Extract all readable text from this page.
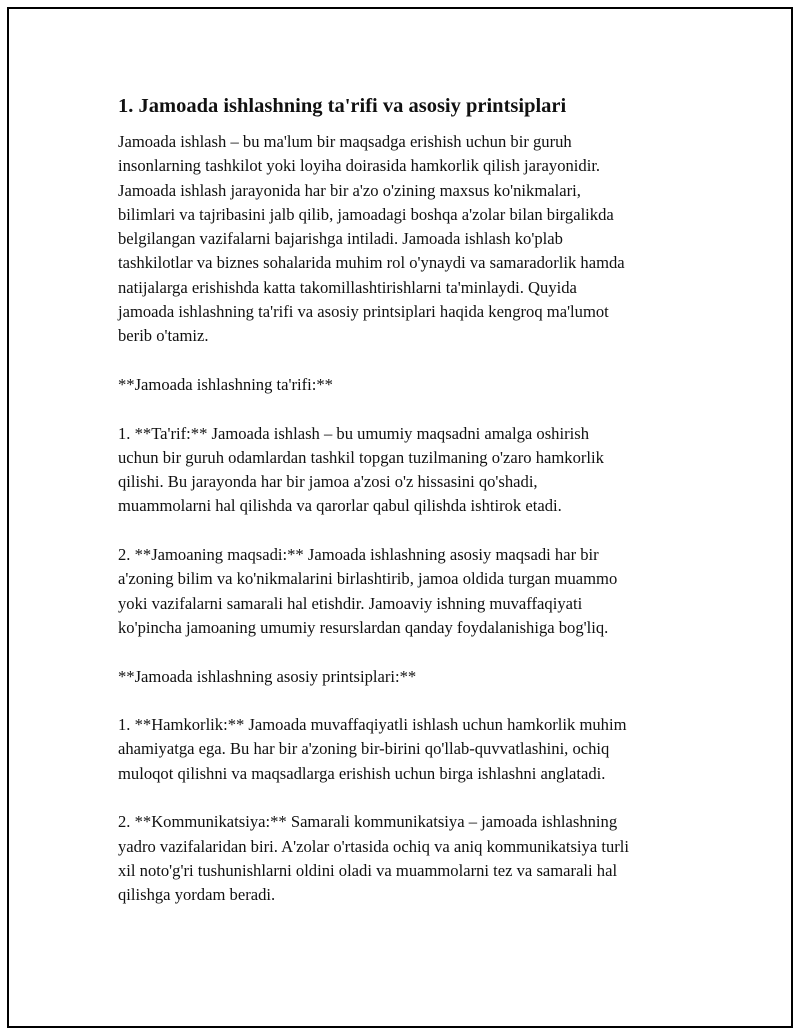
1. Jamoada ishlashning ta'rifi va asosiy printsiplari

Jamoada ishlash – bu ma'lum bir maqsadga erishish uchun bir guruh
insonlarning tashkilot yoki loyiha doirasida hamkorlik qilish jarayonidir.
Jamoada ishlash jarayonida har bir a'zo o'zining maxsus ko'nikmalari,
bilimlari va tajribasini jalb qilib, jamoadagi boshqa a'zolar bilan birgalikda
belgilangan vazifalarni bajarishga intiladi. Jamoada ishlash ko'plab
tashkilotlar va biznes sohalarida muhim rol o'ynaydi va samaradorlik hamda
natijalarga erishishda katta takomillashtirishlarni ta'minlaydi. Quyida
jamoada ishlashning ta'rifi va asosiy printsiplari haqida kengroq ma'lumot
berib o'tamiz.

**Jamoada ishlashning ta'rifi:**

1. **Ta'rif:** Jamoada ishlash – bu umumiy maqsadni amalga oshirish
uchun bir guruh odamlardan tashkil topgan tuzilmaning o'zaro hamkorlik
qilishi. Bu jarayonda har bir jamoa a'zosi o'z hissasini qo'shadi,
muammolarni hal qilishda va qarorlar qabul qilishda ishtirok etadi.

2. **Jamoaning maqsadi:** Jamoada ishlashning asosiy maqsadi har bir
a'zoning bilim va ko'nikmalarini birlashtirib, jamoa oldida turgan muammo
yoki vazifalarni samarali hal etishdir. Jamoaviy ishning muvaffaqiyati
ko'pincha jamoaning umumiy resurslardan qanday foydalanishiga bog'liq.

**Jamoada ishlashning asosiy printsiplari:**

1. **Hamkorlik:** Jamoada muvaffaqiyatli ishlash uchun hamkorlik muhim
ahamiyatga ega. Bu har bir a'zoning bir-birini qo'llab-quvvatlashini, ochiq
muloqot qilishni va maqsadlarga erishish uchun birga ishlashni anglatadi.

2. **Kommunikatsiya:** Samarali kommunikatsiya – jamoada ishlashning
yadro vazifalaridan biri. A'zolar o'rtasida ochiq va aniq kommunikatsiya turli
xil noto'g'ri tushunishlarni oldini oladi va muammolarni tez va samarali hal
qilishga yordam beradi.
